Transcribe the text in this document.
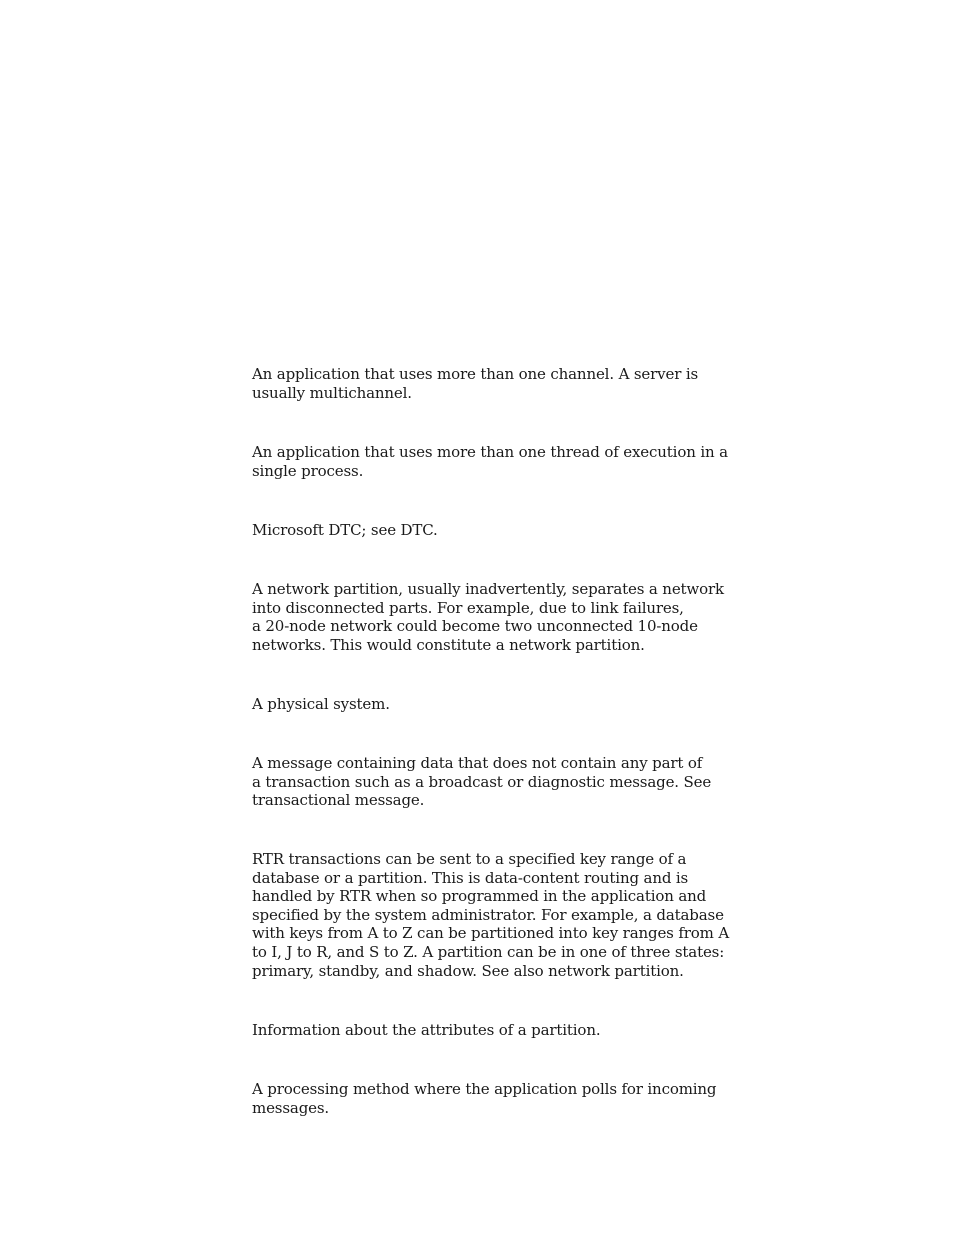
An application that uses more than one channel. A server is
usually multichannel.

An application that uses more than one thread of execution in a
single process.

Microsoft DTC; see DTC.

A network partition, usually inadvertently, separates a network
into disconnected parts. For example, due to link failures,
a 20-node network could become two unconnected 10-node
networks. This would constitute a network partition.

A physical system.

A message containing data that does not contain any part of
a transaction such as a broadcast or diagnostic message. See
transactional message.

RTR transactions can be sent to a specified key range of a
database or a partition. This is data-content routing and is
handled by RTR when so programmed in the application and
specified by the system administrator. For example, a database
with keys from A to Z can be partitioned into key ranges from A
to I, J to R, and S to Z. A partition can be in one of three states:
primary, standby, and shadow. See also network partition.

Information about the attributes of a partition.

A processing method where the application polls for incoming
messages.
